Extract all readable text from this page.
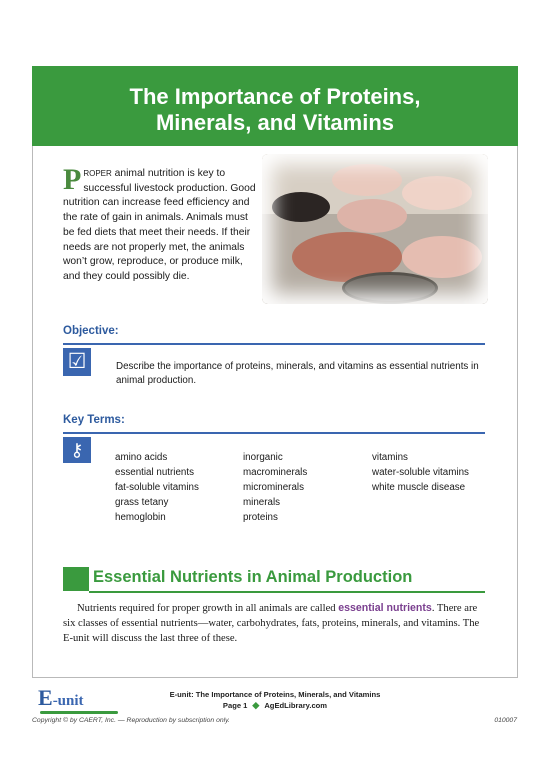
The Importance of Proteins,
Minerals, and Vitamins
PROPER animal nutrition is key to successful livestock production. Good nutrition can increase feed efficiency and the rate of gain in animals. Animals must be fed diets that meet their needs. If their needs are not properly met, the animals won’t grow, reproduce, or produce milk, and they could possibly die.
Objective:
☑	Describe the importance of proteins, minerals, and vitamins as essential nutrients in animal production.
Key Terms:
⚷	amino acids
essential nutrients
fat-soluble vitamins
grass tetany
hemoglobin
inorganic
macrominerals
microminerals
minerals
proteins
vitamins
water-soluble vitamins
white muscle disease
Essential Nutrients in Animal Production
Nutrients required for proper growth in all animals are called essential nutrients. There are six classes of essential nutrients—water, carbohydrates, fats, proteins, minerals, and vitamins. The E-unit will discuss the last three of these.
E-unit	E-unit: The Importance of Proteins, Minerals, and Vitamins
Page 1 ◆ AgEdLibrary.com
Copyright © by CAERT, Inc. — Reproduction by subscription only.	010007
